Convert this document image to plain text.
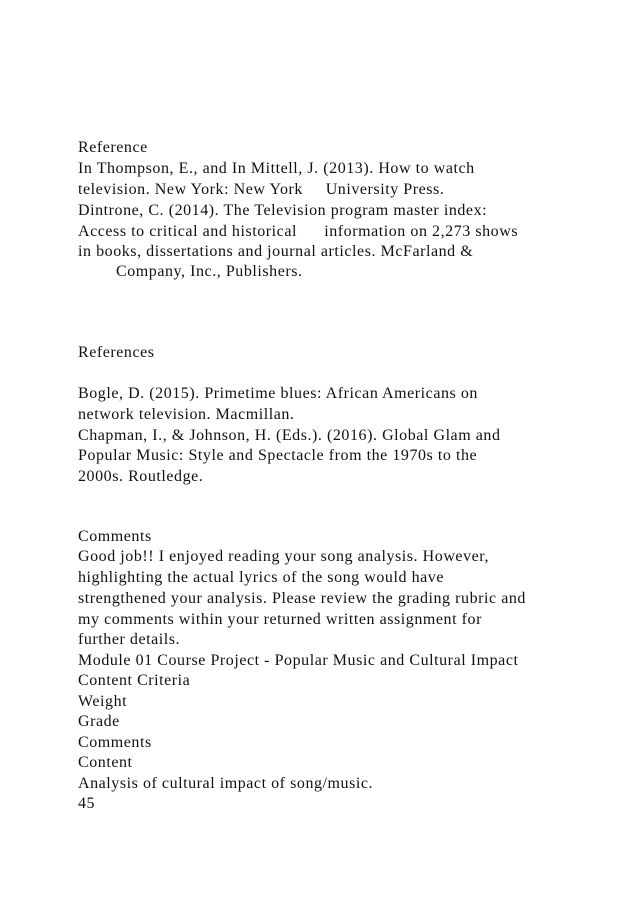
Reference
In Thompson, E., and In Mittell, J. (2013). How to watch
television. New York: New York     University Press.
Dintrone, C. (2014). The Television program master index:
Access to critical and historical      information on 2,273 shows
in books, dissertations and journal articles. McFarland &
Company, Inc., Publishers.
References
Bogle, D. (2015). Primetime blues: African Americans on
network television. Macmillan.
Chapman, I., & Johnson, H. (Eds.). (2016). Global Glam and
Popular Music: Style and Spectacle from the 1970s to the
2000s. Routledge.
Comments
Good job!! I enjoyed reading your song analysis. However,
highlighting the actual lyrics of the song would have
strengthened your analysis. Please review the grading rubric and
my comments within your returned written assignment for
further details.
Module 01 Course Project - Popular Music and Cultural Impact
Content Criteria
Weight
Grade
Comments
Content
Analysis of cultural impact of song/music.
45
